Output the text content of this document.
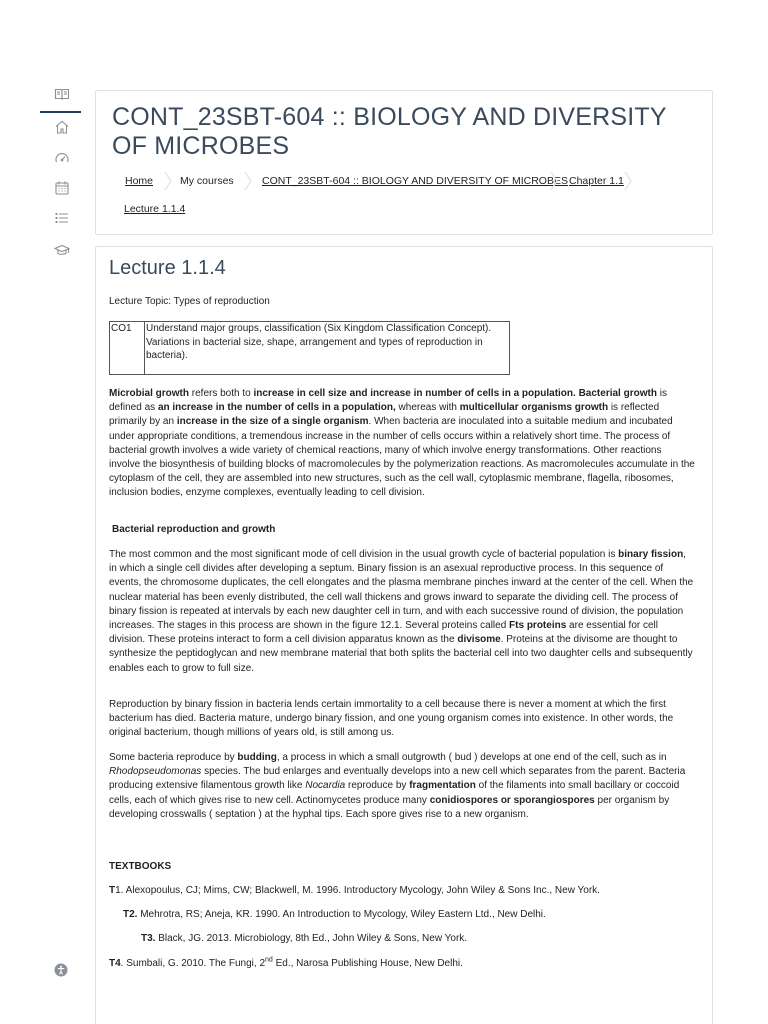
CONT_23SBT-604 :: BIOLOGY AND DIVERSITY OF MICROBES
Home	My courses	CONT_23SBT-604 :: BIOLOGY AND DIVERSITY OF MICROBES Chapter 1.1
Lecture 1.1.4
Lecture 1.1.4
Lecture Topic: Types of reproduction
CO1	Understand major groups, classification (Six Kingdom Classification Concept). Variations in bacterial size, shape, arrangement and types of reproduction in bacteria).

Microbial growth refers both to increase in cell size and increase in number of cells in a population. Bacterial growth is defined as an increase in the number of cells in a population, whereas with multicellular organisms growth is reflected primarily by an increase in the size of a single organism. When bacteria are inoculated into a suitable medium and incubated under appropriate conditions, a tremendous increase in the number of cells occurs within a relatively short time. The process of bacterial growth involves a wide variety of chemical reactions, many of which involve energy transformations. Other reactions involve the biosynthesis of building blocks of macromolecules by the polymerization reactions. As macromolecules accumulate in the cytoplasm of the cell, they are assembled into new structures, such as the cell wall, cytoplasmic membrane, flagella, ribosomes, inclusion bodies, enzyme complexes, eventually leading to cell division.

Bacterial reproduction and growth

The most common and the most significant mode of cell division in the usual growth cycle of bacterial population is binary fission, in which a single cell divides after developing a septum. Binary fission is an asexual reproductive process. In this sequence of events, the chromosome duplicates, the cell elongates and the plasma membrane pinches inward at the center of the cell. When the nuclear material has been evenly distributed, the cell wall thickens and grows inward to separate the dividing cell. The process of binary fission is repeated at intervals by each new daughter cell in turn, and with each successive round of division, the population increases. The stages in this process are shown in the figure 12.1. Several proteins called Fts proteins are essential for cell division. These proteins interact to form a cell division apparatus known as the divisome. Proteins at the divisome are thought to synthesize the peptidoglycan and new membrane material that both splits the bacterial cell into two daughter cells and subsequently enables each to grow to full size.

Reproduction by binary fission in bacteria lends certain immortality to a cell because there is never a moment at which the first bacterium has died. Bacteria mature, undergo binary fission, and one young organism comes into existence. In other words, the original bacterium, though millions of years old, is still among us.

Some bacteria reproduce by budding, a process in which a small outgrowth ( bud ) develops at one end of the cell, such as in Rhodopseudomonas species. The bud enlarges and eventually develops into a new cell which separates from the parent. Bacteria producing extensive filamentous growth like Nocardia reproduce by fragmentation of the filaments into small bacillary or coccoid cells, each of which gives rise to new cell. Actinomycetes produce many conidiospores or sporangiospores per organism by developing crosswalls ( septation ) at the hyphal tips. Each spore gives rise to a new organism.

TEXTBOOKS
T1. Alexopoulus, CJ; Mims, CW; Blackwell, M. 1996. Introductory Mycology, John Wiley & Sons Inc., New York.
T2. Mehrotra, RS; Aneja, KR. 1990. An Introduction to Mycology, Wiley Eastern Ltd., New Delhi.
T3. Black, JG. 2013. Microbiology, 8th Ed., John Wiley & Sons, New York.
T4. Sumbali, G. 2010. The Fungi, 2nd Ed., Narosa Publishing House, New Delhi.
